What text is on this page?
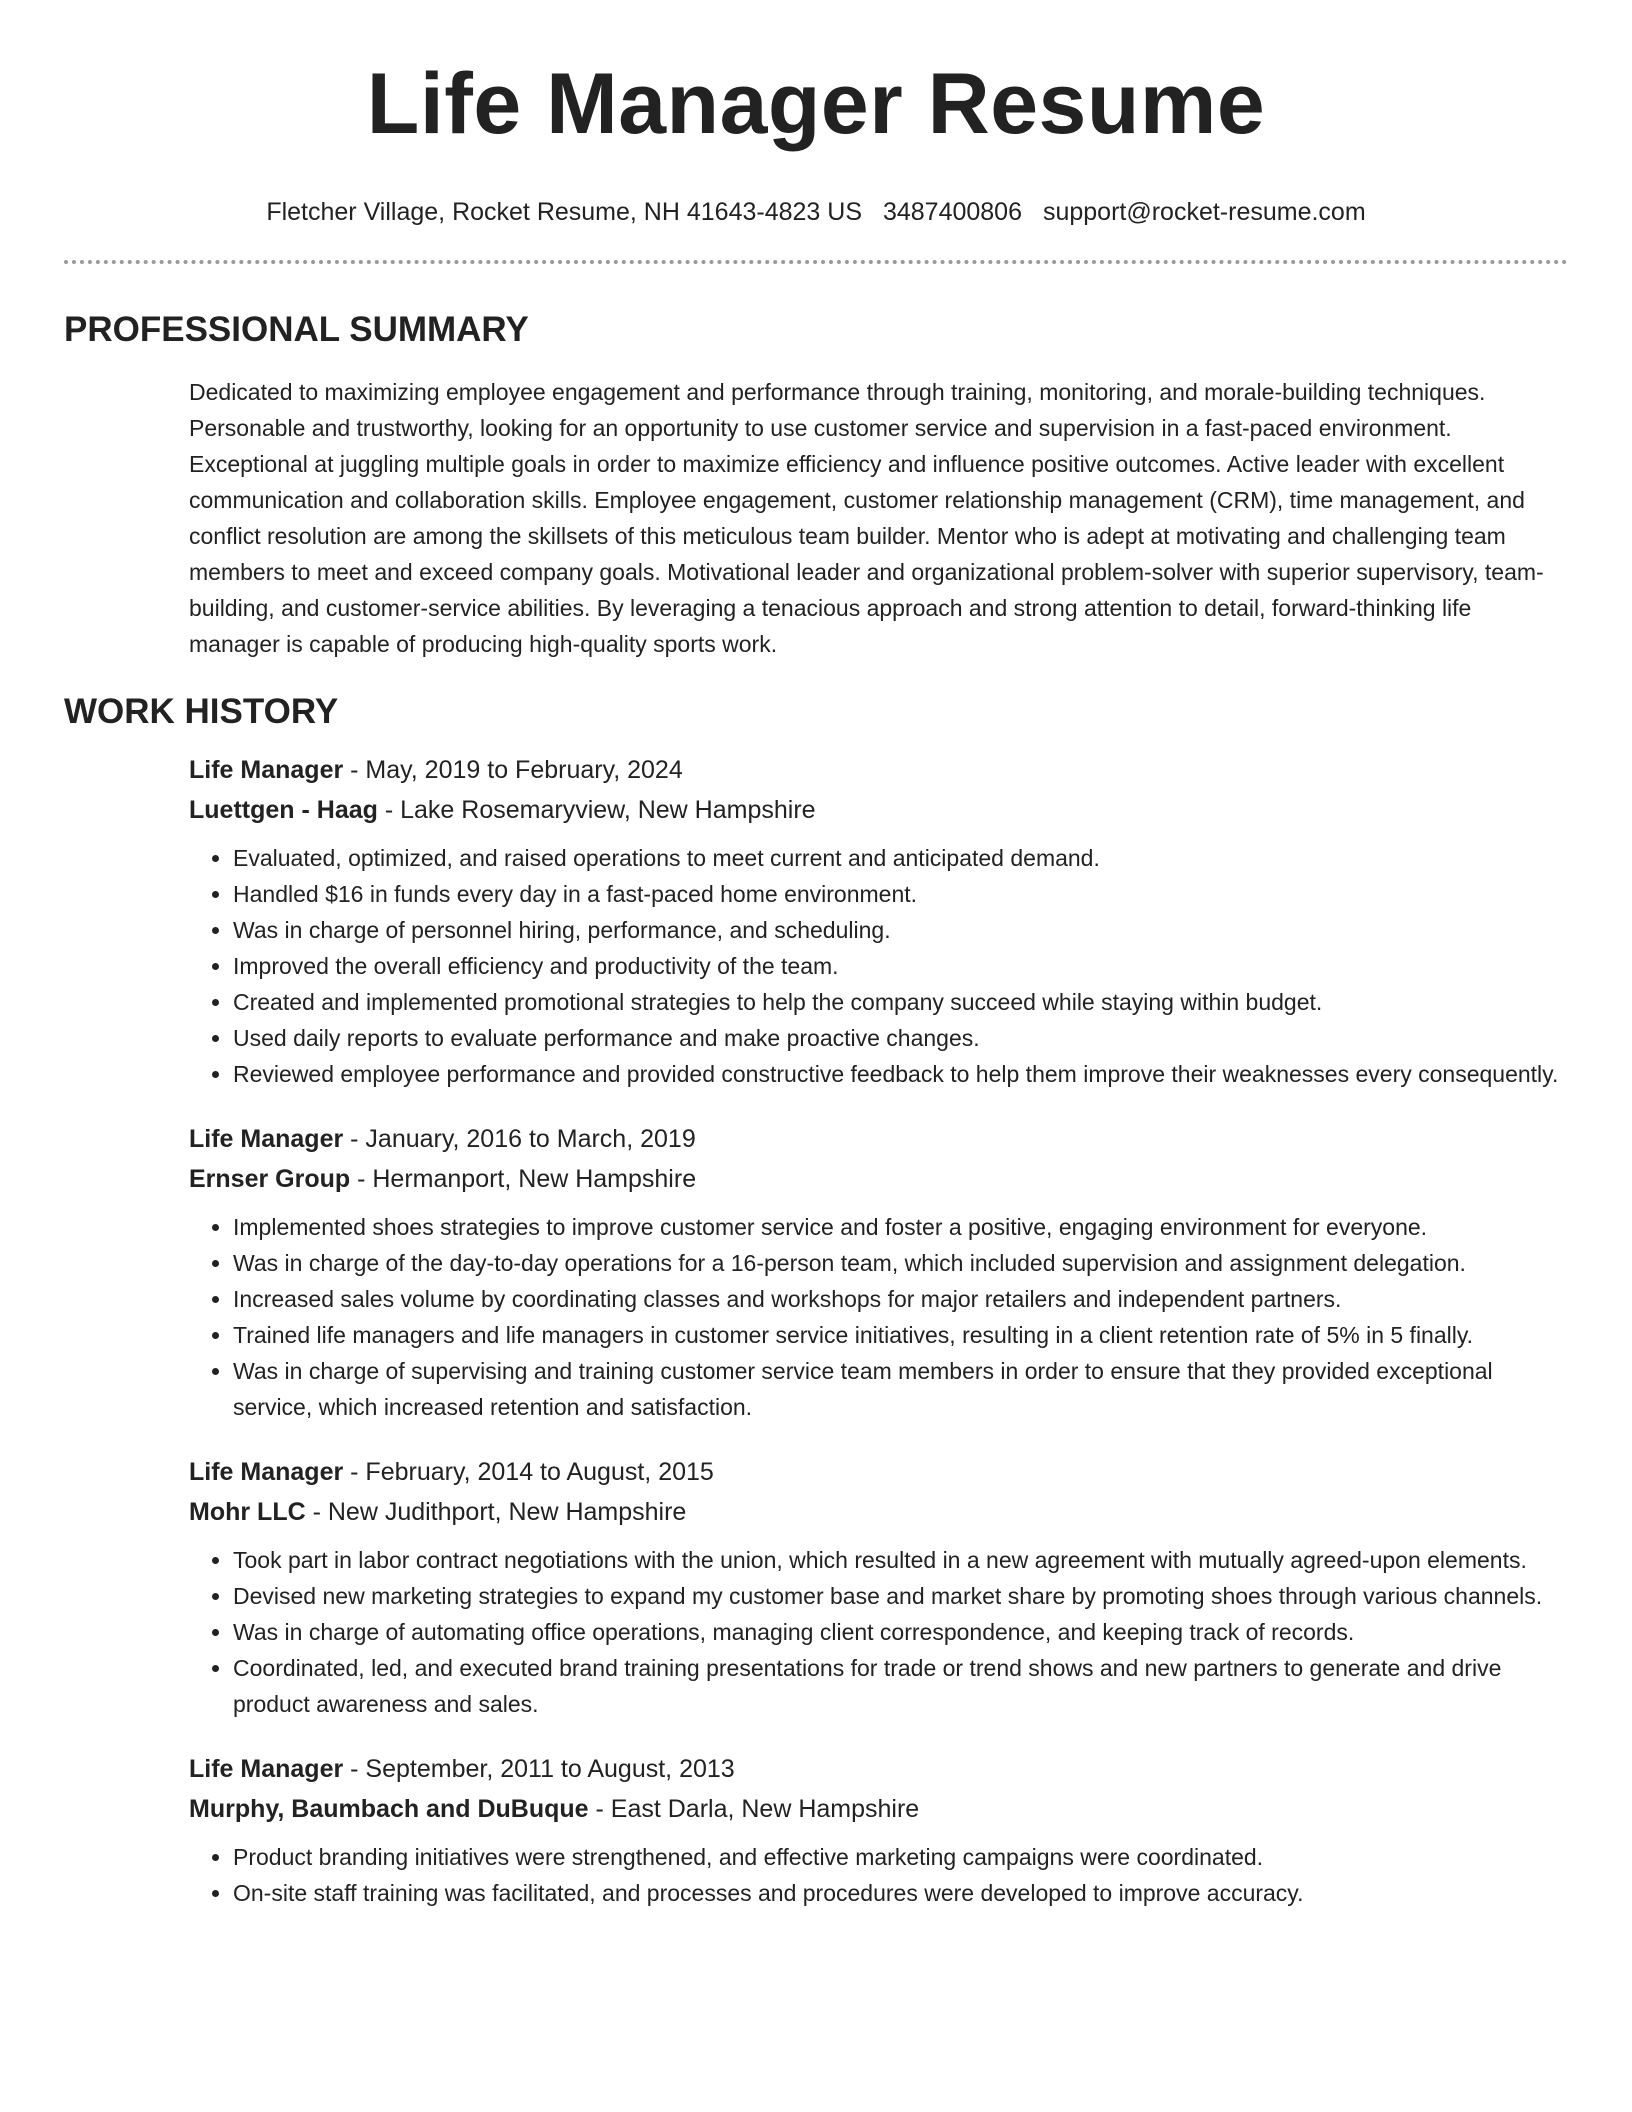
Life Manager Resume
Fletcher Village, Rocket Resume, NH 41643-4823 US 3487400806 support@rocket-resume.com
PROFESSIONAL SUMMARY
Dedicated to maximizing employee engagement and performance through training, monitoring, and morale-building techniques. Personable and trustworthy, looking for an opportunity to use customer service and supervision in a fast-paced environment. Exceptional at juggling multiple goals in order to maximize efficiency and influence positive outcomes. Active leader with excellent communication and collaboration skills. Employee engagement, customer relationship management (CRM), time management, and conflict resolution are among the skillsets of this meticulous team builder. Mentor who is adept at motivating and challenging team members to meet and exceed company goals. Motivational leader and organizational problem-solver with superior supervisory, team-building, and customer-service abilities. By leveraging a tenacious approach and strong attention to detail, forward-thinking life manager is capable of producing high-quality sports work.
WORK HISTORY
Life Manager - May, 2019 to February, 2024
Luettgen - Haag - Lake Rosemaryview, New Hampshire
• Evaluated, optimized, and raised operations to meet current and anticipated demand.
• Handled $16 in funds every day in a fast-paced home environment.
• Was in charge of personnel hiring, performance, and scheduling.
• Improved the overall efficiency and productivity of the team.
• Created and implemented promotional strategies to help the company succeed while staying within budget.
• Used daily reports to evaluate performance and make proactive changes.
• Reviewed employee performance and provided constructive feedback to help them improve their weaknesses every consequently.
Life Manager - January, 2016 to March, 2019
Ernser Group - Hermanport, New Hampshire
• Implemented shoes strategies to improve customer service and foster a positive, engaging environment for everyone.
• Was in charge of the day-to-day operations for a 16-person team, which included supervision and assignment delegation.
• Increased sales volume by coordinating classes and workshops for major retailers and independent partners.
• Trained life managers and life managers in customer service initiatives, resulting in a client retention rate of 5% in 5 finally.
• Was in charge of supervising and training customer service team members in order to ensure that they provided exceptional service, which increased retention and satisfaction.
Life Manager - February, 2014 to August, 2015
Mohr LLC - New Judithport, New Hampshire
• Took part in labor contract negotiations with the union, which resulted in a new agreement with mutually agreed-upon elements.
• Devised new marketing strategies to expand my customer base and market share by promoting shoes through various channels.
• Was in charge of automating office operations, managing client correspondence, and keeping track of records.
• Coordinated, led, and executed brand training presentations for trade or trend shows and new partners to generate and drive product awareness and sales.
Life Manager - September, 2011 to August, 2013
Murphy, Baumbach and DuBuque - East Darla, New Hampshire
• Product branding initiatives were strengthened, and effective marketing campaigns were coordinated.
• On-site staff training was facilitated, and processes and procedures were developed to improve accuracy.
